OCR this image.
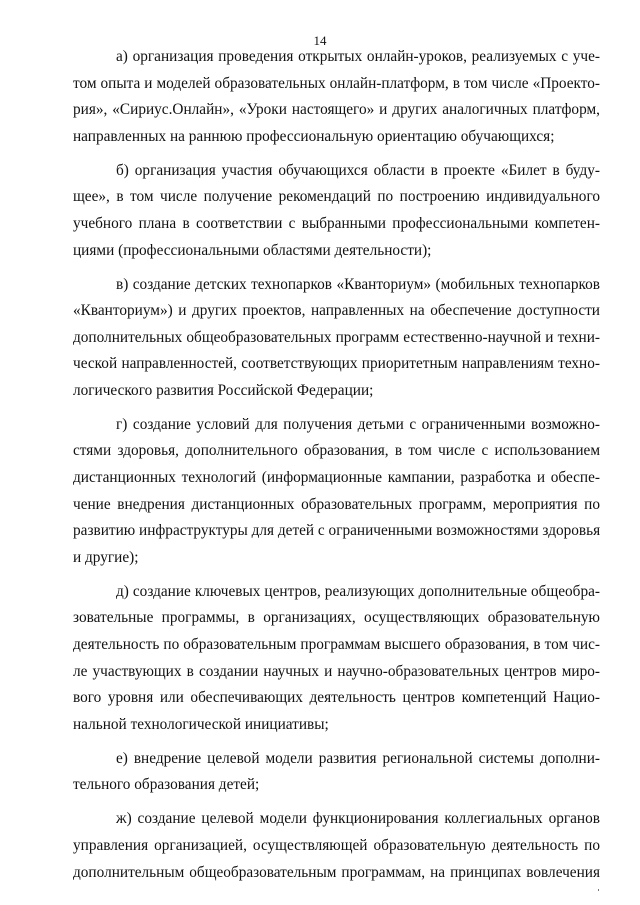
14

а) организация проведения открытых онлайн-уроков, реализуемых с уче-
том опыта и моделей образовательных онлайн-платформ, в том числе «Проекто-
рия», «Сириус.Онлайн», «Уроки настоящего» и других аналогичных платформ,
направленных на раннюю профессиональную ориентацию обучающихся;

б) организация участия обучающихся области в проекте «Билет в буду-
щее», в том числе получение рекомендаций по построению индивидуального
учебного плана в соответствии с выбранными профессиональными компетен-
циями (профессиональными областями деятельности);

в) создание детских технопарков «Кванториум» (мобильных технопарков
«Кванториум») и других проектов, направленных на обеспечение доступности
дополнительных общеобразовательных программ естественно-научной и техни-
ческой направленностей, соответствующих приоритетным направлениям техно-
логического развития Российской Федерации;

г) создание условий для получения детьми с ограниченными возможно-
стями здоровья, дополнительного образования, в том числе с использованием
дистанционных технологий (информационные кампании, разработка и обеспе-
чение внедрения дистанционных образовательных программ, мероприятия по
развитию инфраструктуры для детей с ограниченными возможностями здоровья
и другие);

д) создание ключевых центров, реализующих дополнительные общеобра-
зовательные программы, в организациях, осуществляющих образовательную
деятельность по образовательным программам высшего образования, в том чис-
ле участвующих в создании научных и научно-образовательных центров миро-
вого уровня или обеспечивающих деятельность центров компетенций Нацио-
нальной технологической инициативы;

е) внедрение целевой модели развития региональной системы дополни-
тельного образования детей;

ж) создание целевой модели функционирования коллегиальных органов
управления организацией, осуществляющей образовательную деятельность по
дополнительным общеобразовательным программам, на принципах вовлечения
